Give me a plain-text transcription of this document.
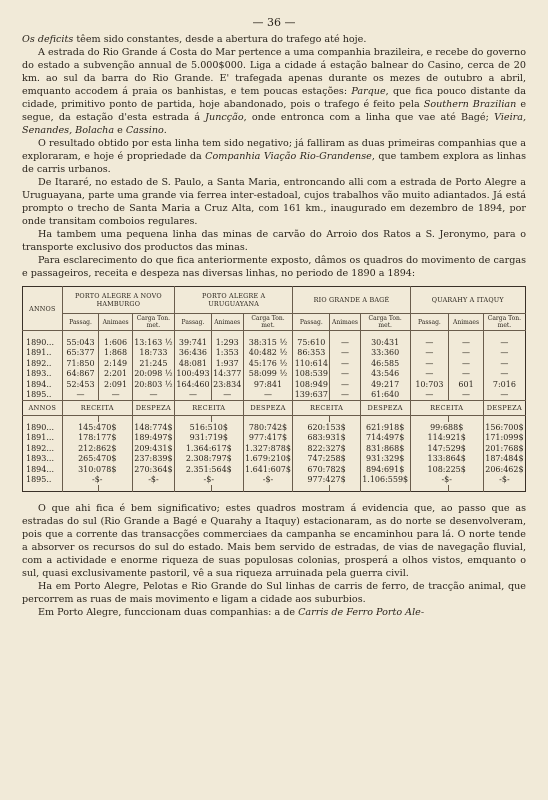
— 36 —

Os deficits têem sido constantes, desde a abertura do trafego até hoje.

A estrada do Rio Grande á Costa do Mar pertence a uma companhia brazileira, e recebe do governo do estado a subvenção annual de 5.000$000. Liga a cidade á estação balnear do Casino, cerca de 20 km. ao sul da barra do Rio Grande. E' trafegada apenas durante os mezes de outubro a abril, emquanto accodem á praia os banhistas, e tem poucas estações: Parque, que fica pouco distante da cidade, primitivo ponto de partida, hoje abandonado, pois o trafego é feito pela Southern Brazilian e segue, da estação d'esta estrada á Juncção, onde entronca com a linha que vae até Bagé; Vieira, Senandes, Bolacha e Cassino.

O resultado obtido por esta linha tem sido negativo; já falliram as duas primeiras companhias que a exploraram, e hoje é propriedade da Companhia Viação Rio-Grandense, que tambem explora as linhas de carris urbanos.

De Itararé, no estado de S. Paulo, a Santa Maria, entroncando alli com a estrada de Porto Alegre a Uruguayana, parte uma grande via ferrea inter-estadoal, cujos trabalhos vão muito adiantados. Já está prompto o trecho de Santa Maria a Cruz Alta, com 161 km., inaugurado em dezembro de 1894, por onde transitam comboios regulares.

Ha tambem uma pequena linha das minas de carvão do Arroio dos Ratos a S. Jeronymo, para o transporte exclusivo dos productos das minas.

Para esclarecimento do que fica anteriormente exposto, dâmos os quadros do movimento de cargas e passageiros, receita e despeza nas diversas linhas, no periodo de 1890 a 1894:

ANNOS	PORTO ALEGRE A NOVO HAMBURGO			PORTO ALEGRE A URUGUAYANA			RIO GRANDE A BAGÉ			QUARAHY A ITAQUY		
	Passag.	Animaes	Carga Ton. met.	Passag.	Animaes	Carga Ton. met.	Passag.	Animaes	Carga Ton. met.	Passag.	Animaes	Carga Ton. met.

1890...	55:043	1:606	13:163 ½	39:741	1:293	38:315 ½	75:610	—	30:431	—	—	—
1891..	65:377	1:868	18:733	36:436	1:353	40:482 ½	86:353	—	33:360	—	—	—
1892..	71:850	2:149	21:245	48:081	1:937	45:176 ½	110:614	—	46:585	—	—	—
1893..	64:867	2:201	20:098 ½	100:493	14:377	58:099 ½	108:539	—	43:546	—	—	—
1894..	52:453	2:091	20:803 ½	164:460	23:834	97:841	108:949	—	49:217	10:703	601	7:016
1895..	—	—	—	—	—	—	139:637	—	61:640	—	—	—
ANNOS	RECEITA		DESPEZA	RECEITA		DESPEZA	RECEITA		DESPEZA	RECEITA		DESPEZA

1890...	145:470$		148:774$	516:510$		780:742$	620:153$		621:918$	99:688$		156:700$
1891...	178:177$		189:497$	931:719$		977:417$	683:931$		714:497$	114:921$		171:099$
1892...	212:862$		209:431$	1.364:617$		1.327:878$	822:327$		831:868$	147:529$		201:768$
1893...	265:470$		237:839$	2.308:797$		1.679:210$	747:258$		931:329$	133:864$		187:484$
1894...	310:078$		270:364$	2.351:564$		1.641:607$	670:782$		894:691$	108:225$		206:462$
1895..	-$-		-$-	-$-		-$-	977:427$		1.106:559$	-$-		-$-

O que ahi fica é bem significativo; estes quadros mostram á evidencia que, ao passo que as estradas do sul (Rio Grande a Bagé e Quarahy a Itaquy) estacionaram, as do norte se desenvolveram, pois que a corrente das transacções commerciaes da campanha se encaminhou para lá. O norte tende a absorver os recursos do sul do estado. Mais bem servido de estradas, de vias de navegação fluvial, com a actividade e enorme riqueza de suas populosas colonias, prosperá a olhos vistos, emquanto o sul, quasi exclusivamente pastoril, vê a sua riqueza arruinada pela guerra civil.

Ha em Porto Alegre, Pelotas e Rio Grande do Sul linhas de carris de ferro, de tracção animal, que percorrem as ruas de mais movimento e ligam a cidade aos suburbios.

Em Porto Alegre, funccionam duas companhias: a de Carris de Ferro Porto Ale-
